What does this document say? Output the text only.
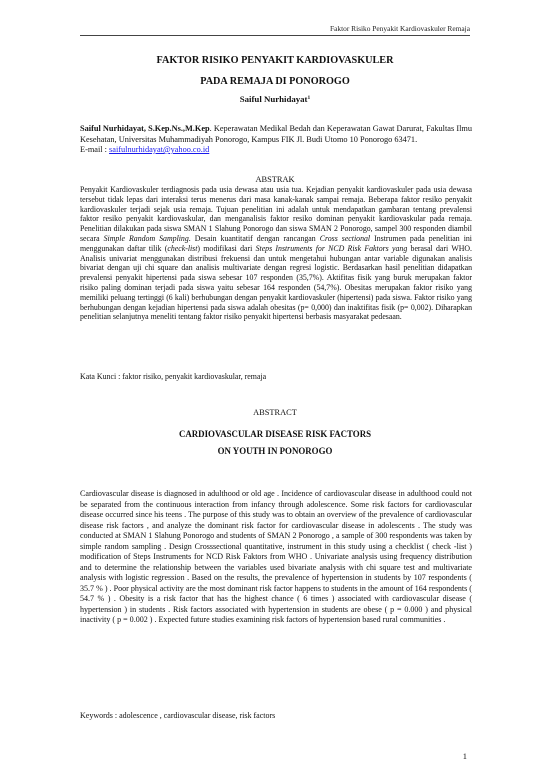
Faktor Risiko Penyakit Kardiovaskuler Remaja
FAKTOR RISIKO PENYAKIT KARDIOVASKULER
PADA REMAJA DI PONOROGO
Saiful Nurhidayat$^1$
Saiful Nurhidayat, S.Kep.Ns.,M.Kep. Keperawatan Medikal Bedah dan Keperawatan Gawat Darurat, Fakultas Ilmu Kesehatan, Universitas Muhammadiyah Ponorogo, Kampus FIK Jl. Budi Utomo 10 Ponorogo 63471.
E-mail : saifulnurhidayat@yahoo.co.id
ABSTRAK
Penyakit Kardiovaskuler terdiagnosis pada usia dewasa atau usia tua. Kejadian penyakit kardiovaskuler pada usia dewasa tersebut tidak lepas dari interaksi terus menerus dari masa kanak-kanak sampai remaja. Beberapa faktor resiko penyakit kardiovaskuler terjadi sejak usia remaja. Tujuan penelitian ini adalah untuk mendapatkan gambaran tentang prevalensi faktor resiko penyakit kardiovaskular, dan menganalisis faktor resiko dominan penyakit kardiovaskular pada remaja. Penelitian dilakukan pada siswa SMAN 1 Slahung Ponorogo dan siswa SMAN 2 Ponorogo, sampel 300 responden diambil secara Simple Random Sampling. Desain kuantitatif dengan rancangan Cross sectional Instrumen pada penelitian ini menggunakan daftar tilik (check-list) modifikasi dari Steps Instruments for NCD Risk Faktors yang berasal dari WHO. Analisis univariat menggunakan distribusi frekuensi dan untuk mengetahui hubungan antar variable digunakan analisis bivariat dengan uji chi square dan analisis multivariate dengan regresi logistic. Berdasarkan hasil penelitian didapatkan prevalensi penyakit hipertensi pada siswa sebesar 107 responden (35,7%). Aktifitas fisik yang buruk merupakan faktor risiko paling dominan terjadi pada siswa yaitu sebesar 164 responden (54,7%). Obesitas merupakan faktor risiko yang memiliki peluang tertinggi (6 kali) berhubungan dengan penyakit kardiovaskuler (hipertensi) pada siswa. Faktor risiko yang berhubungan dengan kejadian hipertensi pada siswa adalah obesitas (p= 0,000) dan inaktifitas fisik (p= 0,002). Diharapkan penelitian selanjutnya meneliti tentang faktor risiko penyakit hipertensi berbasis masyarakat pedesaan.
Kata Kunci : faktor risiko, penyakit kardiovaskular, remaja
ABSTRACT
CARDIOVASCULAR DISEASE RISK FACTORS
ON YOUTH IN PONOROGO
Cardiovascular disease is diagnosed in adulthood or old age . Incidence of cardiovascular disease in adulthood could not be separated from the continuous interaction from infancy through adolescence. Some risk factors for cardiovascular disease occurred since his teens . The purpose of this study was to obtain an overview of the prevalence of cardiovascular disease risk factors , and analyze the dominant risk factor for cardiovascular disease in adolescents . The study was conducted at SMAN 1 Slahung Ponorogo and students of SMAN 2 Ponorogo , a sample of 300 respondents was taken by simple random sampling . Design Crosssectional quantitative, instrument in this study using a checklist ( check -list ) modification of Steps Instruments for NCD Risk Faktors from WHO . Univariate analysis using frequency distribution and to determine the relationship between the variables used bivariate analysis with chi square test and multivariate analysis with logistic regression . Based on the results, the prevalence of hypertension in students by 107 respondents ( 35.7 % ) . Poor physical activity are the most dominant risk factor happens to students in the amount of 164 respondents ( 54.7 % ) . Obesity is a risk factor that has the highest chance ( 6 times ) associated with cardiovascular disease ( hypertension ) in students . Risk factors associated with hypertension in students are obese ( p = 0.000 ) and physical inactivity ( p = 0.002 ) . Expected future studies examining risk factors of hypertension based rural communities .
Keywords : adolescence , cardiovascular disease, risk factors
1
